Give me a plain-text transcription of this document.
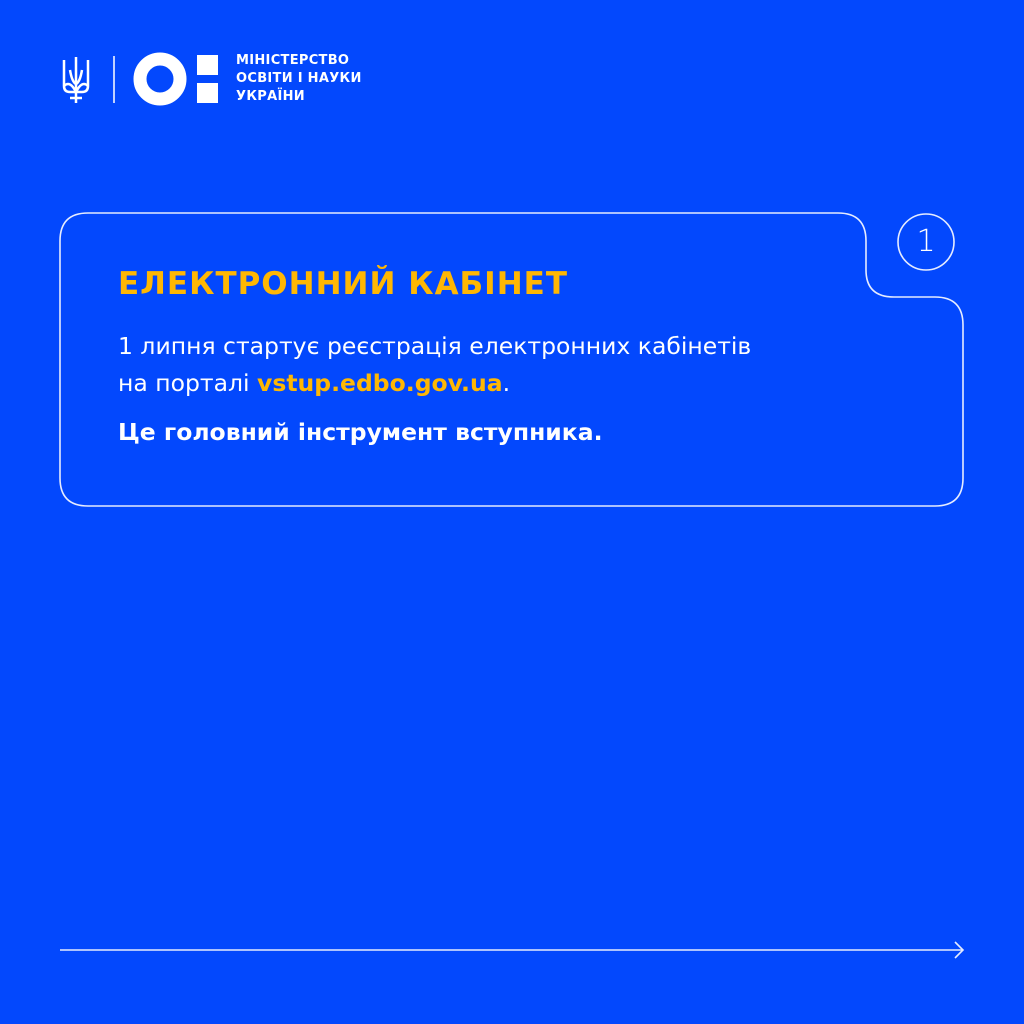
МІНІСТЕРСТВО
ОСВІТИ І НАУКИ
УКРАЇНИ
1
ЕЛЕКТРОННИЙ КАБІНЕТ
1 липня стартує реєстрація електронних кабінетів
на порталі vstup.edbo.gov.ua.
Це головний інструмент вступника.
